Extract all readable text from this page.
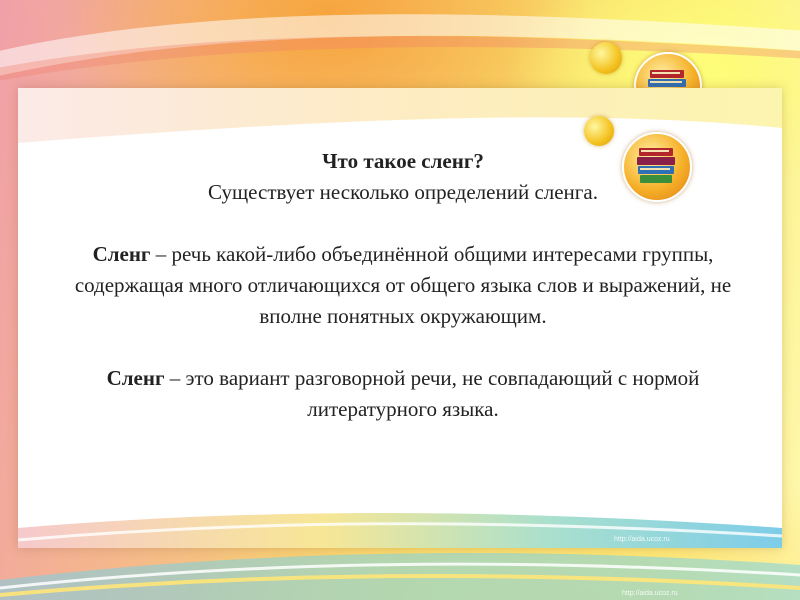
Что такое сленг?

Существует несколько определений сленга.

Сленг – речь какой-либо объединённой общими интересами группы, содержащая много отличающихся от общего языка слов и выражений, не вполне понятных окружающим.

Сленг – это вариант разговорной речи, не совпадающий с нормой литературного языка.

http://aida.ucoz.ru
http://aida.ucoz.ru
